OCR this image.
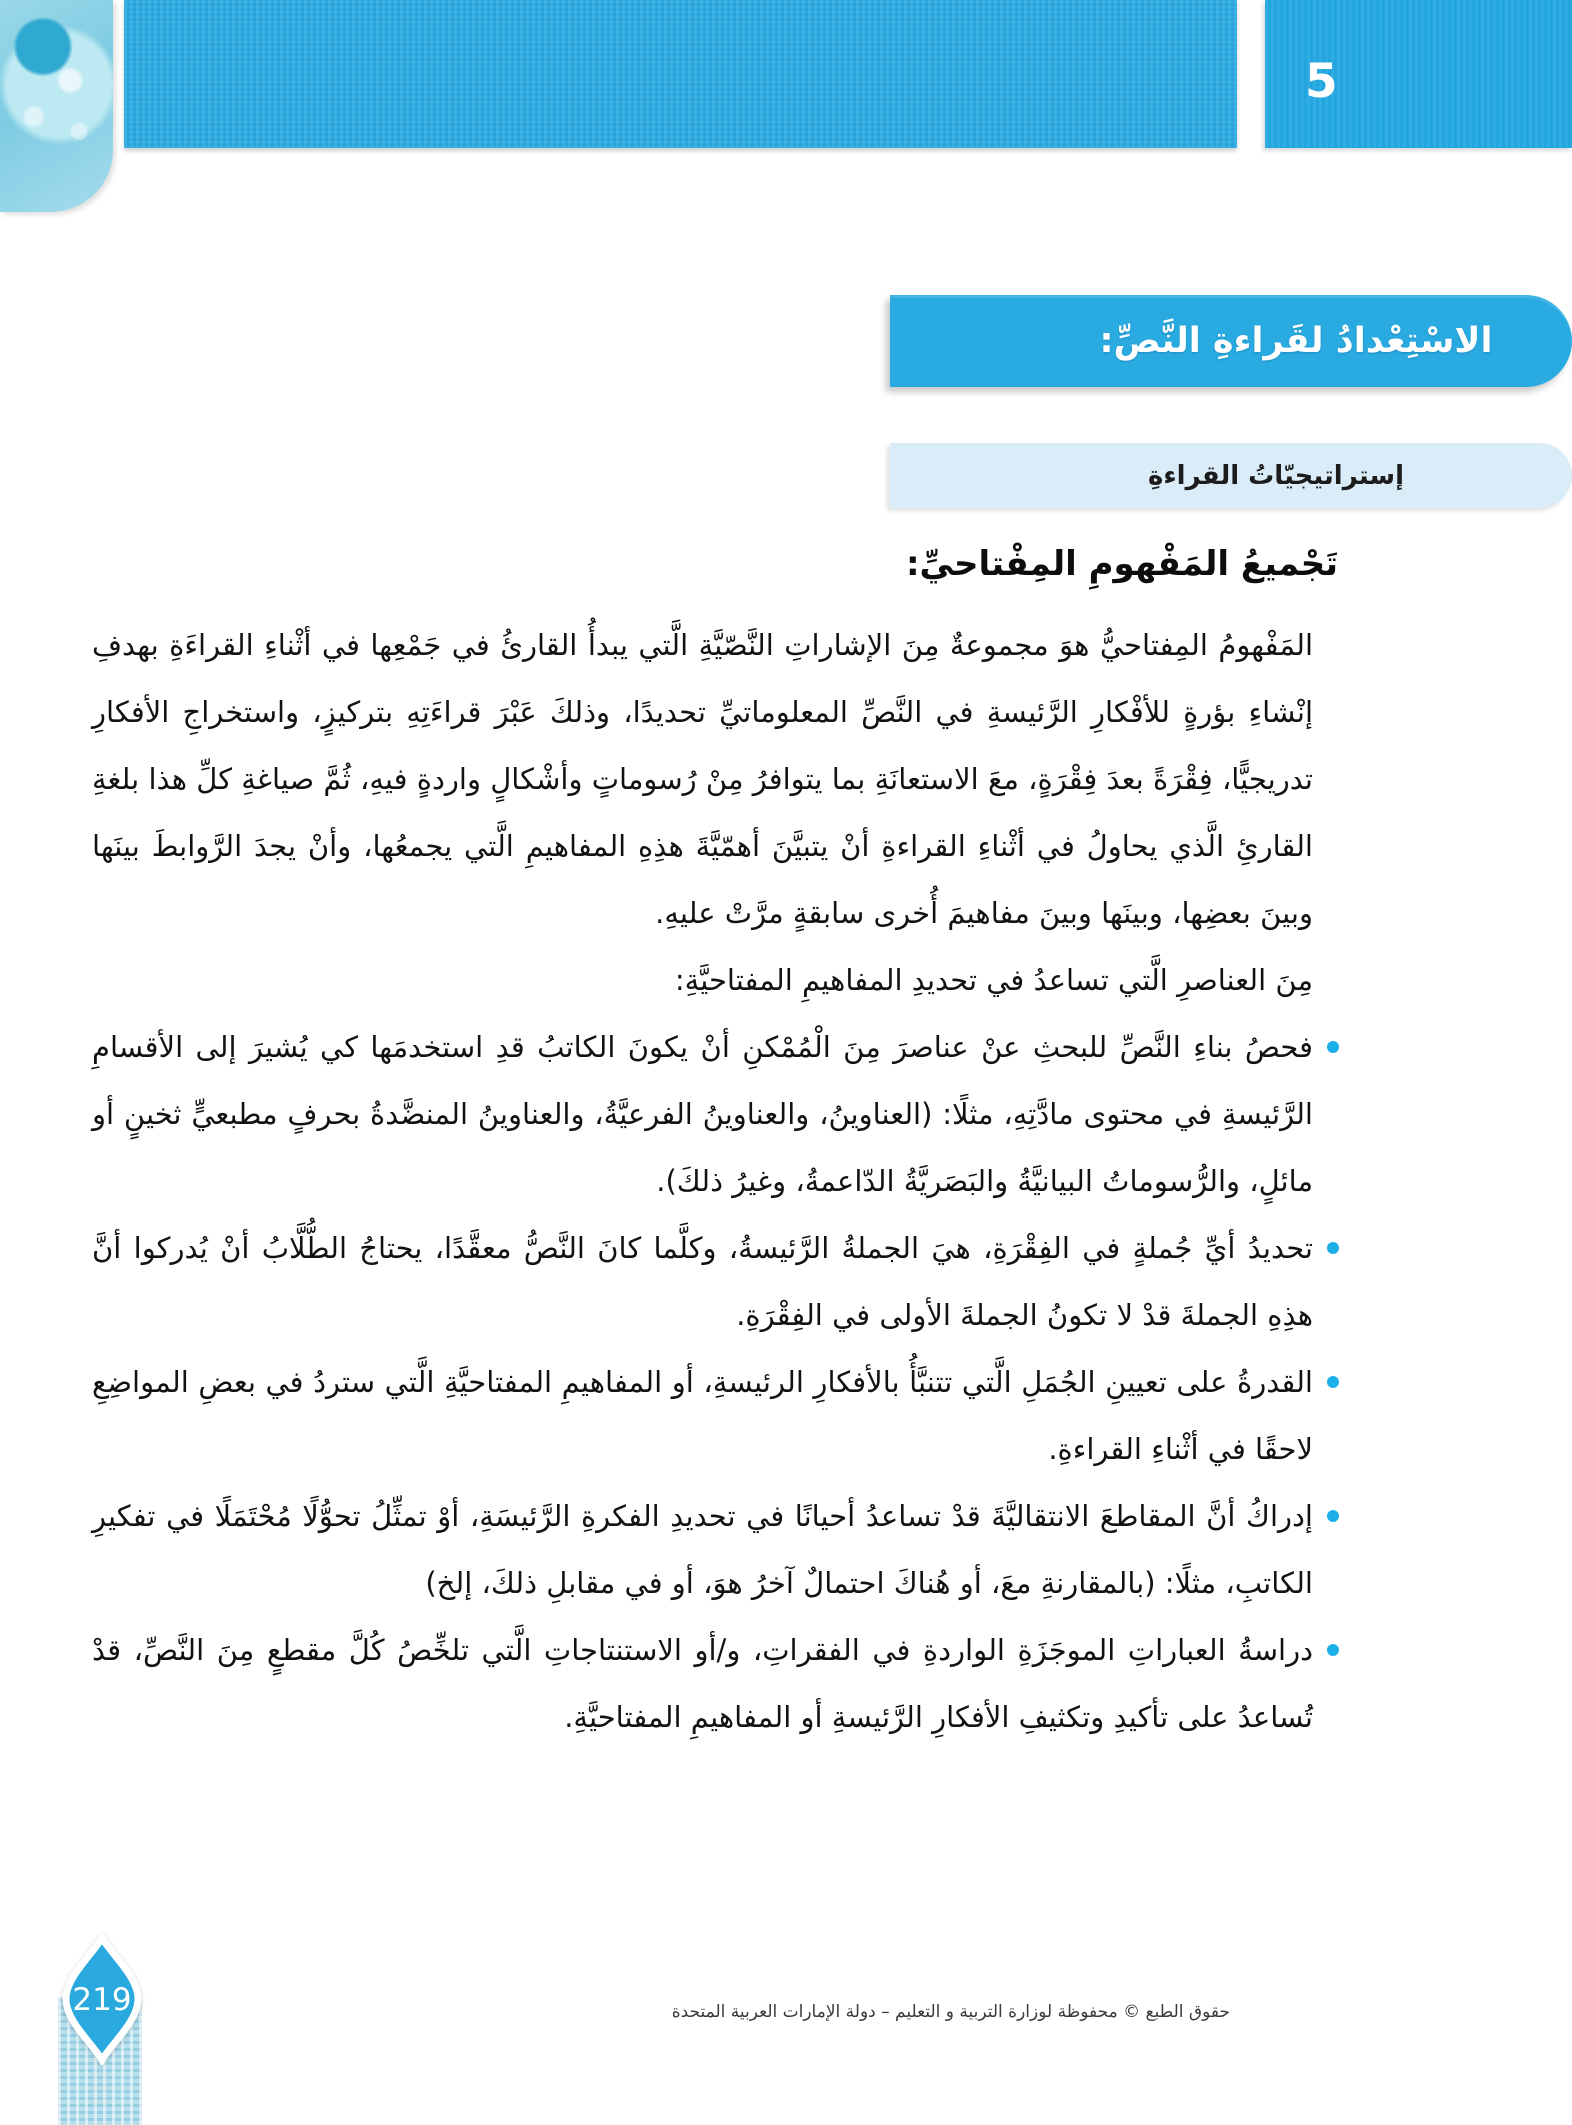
5
الاسْتِعْدادُ لقَراءةِ النَّصِّ:
إستراتيجيّاتُ القراءةِ
تَجْميعُ المَفْهومِ المِفْتاحيِّ:

المَفْهومُ المِفتاحيُّ هوَ مجموعةٌ مِنَ الإشاراتِ النَّصّيَّةِ الَّتي يبدأُ القارئُ في جَمْعِها في أثْناءِ القراءَةِ بهدفِ إنْشاءِ بؤرةٍ للأفْكارِ الرَّئيسةِ في النَّصِّ المعلوماتيِّ تحديدًا، وذلكَ عَبْرَ قراءَتِهِ بتركيزٍ، واستخراجِ الأفكارِ تدريجيًّا، فِقْرَةً بعدَ فِقْرَةٍ، معَ الاستعانَةِ بما يتوافرُ مِنْ رُسوماتٍ وأشْكالٍ واردةٍ فيهِ، ثُمَّ صياغةِ كلِّ هذا بلغةِ القارئِ الَّذي يحاولُ في أثْناءِ القراءةِ أنْ يتبيَّنَ أهمّيَّةَ هذِهِ المفاهيمِ الَّتي يجمعُها، وأنْ يجدَ الرَّوابطَ بينَها وبينَ بعضِها، وبينَها وبينَ مفاهيمَ أُخرى سابقةٍ مرَّتْ عليهِ.

مِنَ العناصرِ الَّتي تساعدُ في تحديدِ المفاهيمِ المفتاحيَّةِ:

فحصُ بناءِ النَّصِّ للبحثِ عنْ عناصرَ مِنَ الْمُمْكنِ أنْ يكونَ الكاتبُ قدِ استخدمَها كي يُشيرَ إلى الأقسامِ الرَّئيسةِ في محتوى مادَّتِهِ، مثلًا: (العناوينُ، والعناوينُ الفرعيَّةُ، والعناوينُ المنضَّدةُ بحرفٍ مطبعيٍّ ثخينٍ أو مائلٍ، والرُّسوماتُ البيانيَّةُ والبَصَريَّةُ الدّاعمةُ، وغيرُ ذلكَ).
تحديدُ أيِّ جُملةٍ في الفِقْرَةِ، هيَ الجملةُ الرَّئيسةُ، وكلَّما كانَ النَّصُّ معقَّدًا، يحتاجُ الطُّلَّابُ أنْ يُدركوا أنَّ هذِهِ الجملةَ قدْ لا تكونُ الجملةَ الأولى في الفِقْرَةِ.
القدرةُ على تعيينِ الجُمَلِ الَّتي تتنبَّأُ بالأفكارِ الرئيسةِ، أو المفاهيمِ المفتاحيَّةِ الَّتي ستردُ في بعضِ المواضِعِ لاحقًا في أثْناءِ القراءةِ.
إدراكُ أنَّ المقاطعَ الانتقاليَّةَ قدْ تساعدُ أحيانًا في تحديدِ الفكرةِ الرَّئيسَةِ، أوْ تمثِّلُ تحوُّلًا مُحْتَمَلًا في تفكيرِ الكاتبِ، مثلًا: (بالمقارنةِ معَ، أو هُناكَ احتمالٌ آخرُ هوَ، أو في مقابلِ ذلكَ، إلخ)
دراسةُ العباراتِ الموجَزَةِ الواردةِ في الفقراتِ، و/أو الاستنتاجاتِ الَّتي تلخِّصُ كُلَّ مقطعٍ مِنَ النَّصِّ، قدْ تُساعدُ على تأكيدِ وتكثيفِ الأفكارِ الرَّئيسةِ أو المفاهيمِ المفتاحيَّةِ.
حقوق الطبع © محفوظة لوزارة التربية و التعليم – دولة الإمارات العربية المتحدة
219
